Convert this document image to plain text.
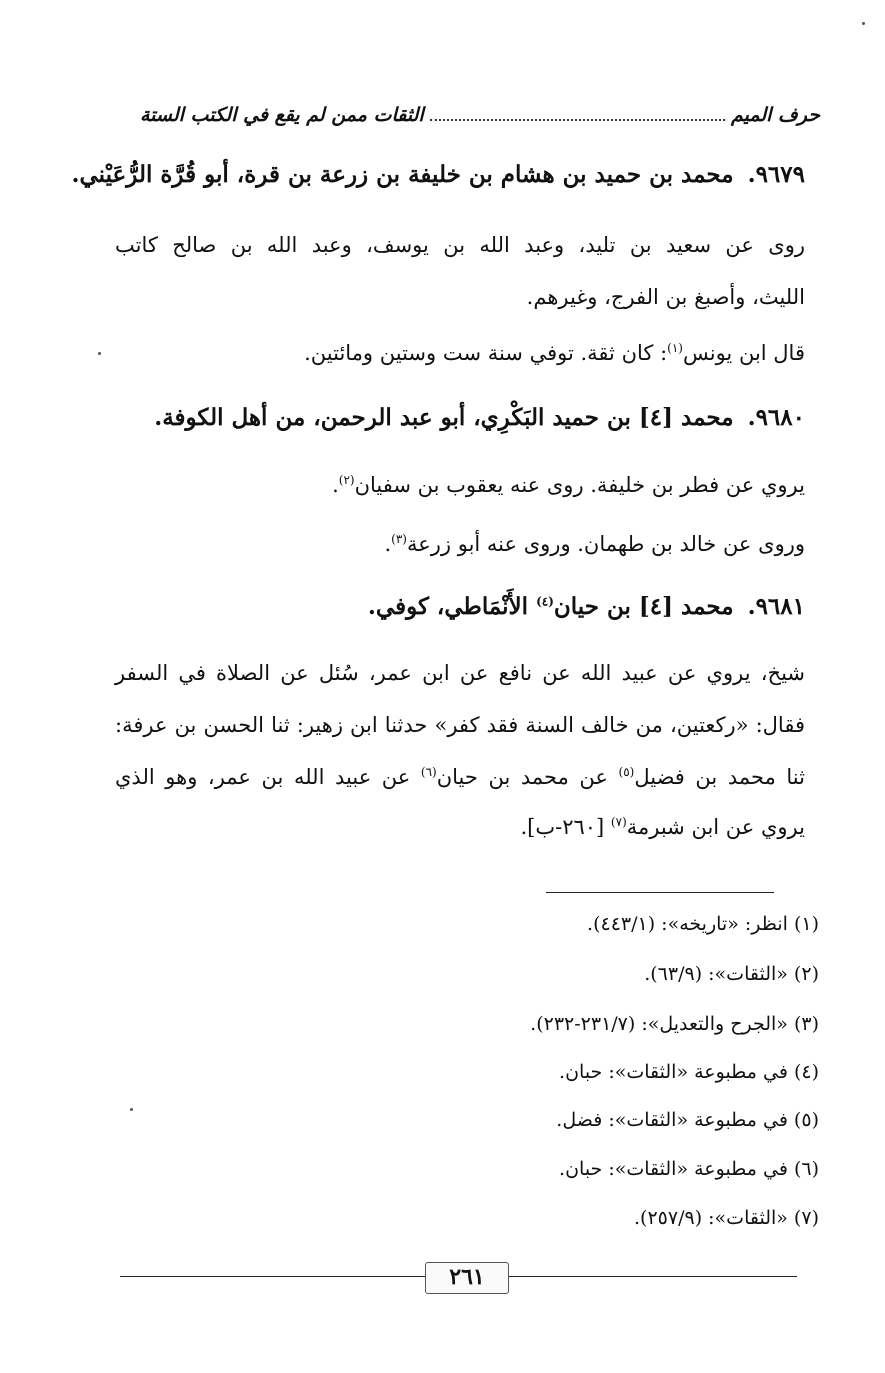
حرف الميم
الثقات ممن لم يقع في الكتب الستة
٩٦٧٩.محمد بن حميد بن هشام بن خليفة بن زرعة بن قرة، أبو قُرَّة الرُّعَيْني.
روى عن سعيد بن تليد، وعبد الله بن يوسف، وعبد الله بن صالح كاتب
الليث، وأصبغ بن الفرج، وغيرهم.
قال ابن يونس$^{(١)}$: كان ثقة. توفي سنة ست وستين ومائتين.
٩٦٨٠.محمد [٤] بن حميد البَكْرِي، أبو عبد الرحمن، من أهل الكوفة.
يروي عن فطر بن خليفة. روى عنه يعقوب بن سفيان$^{(٢)}$.
وروى عن خالد بن طهمان. وروى عنه أبو زرعة$^{(٣)}$.
٩٦٨١.محمد [٤] بن حيان$^{(٤)}$ الأَنْمَاطي، كوفي.
شيخ، يروي عن عبيد الله عن نافع عن ابن عمر، سُئل عن الصلاة في السفر
فقال: «ركعتين، من خالف السنة فقد كفر» حدثنا ابن زهير: ثنا الحسن بن عرفة:
ثنا محمد بن فضيل$^{(٥)}$ عن محمد بن حيان$^{(٦)}$ عن عبيد الله بن عمر، وهو الذي
يروي عن ابن شبرمة$^{(٧)}$ [٢٦٠-ب].
(١) انظر: «تاريخه»: (٤٤٣/١).
(٢) «الثقات»: (٦٣/٩).
(٣) «الجرح والتعديل»: (٢٣١/٧-٢٣٢).
(٤) في مطبوعة «الثقات»: حبان.
(٥) في مطبوعة «الثقات»: فضل.
(٦) في مطبوعة «الثقات»: حبان.
(٧) «الثقات»: (٢٥٧/٩).
٢٦١
